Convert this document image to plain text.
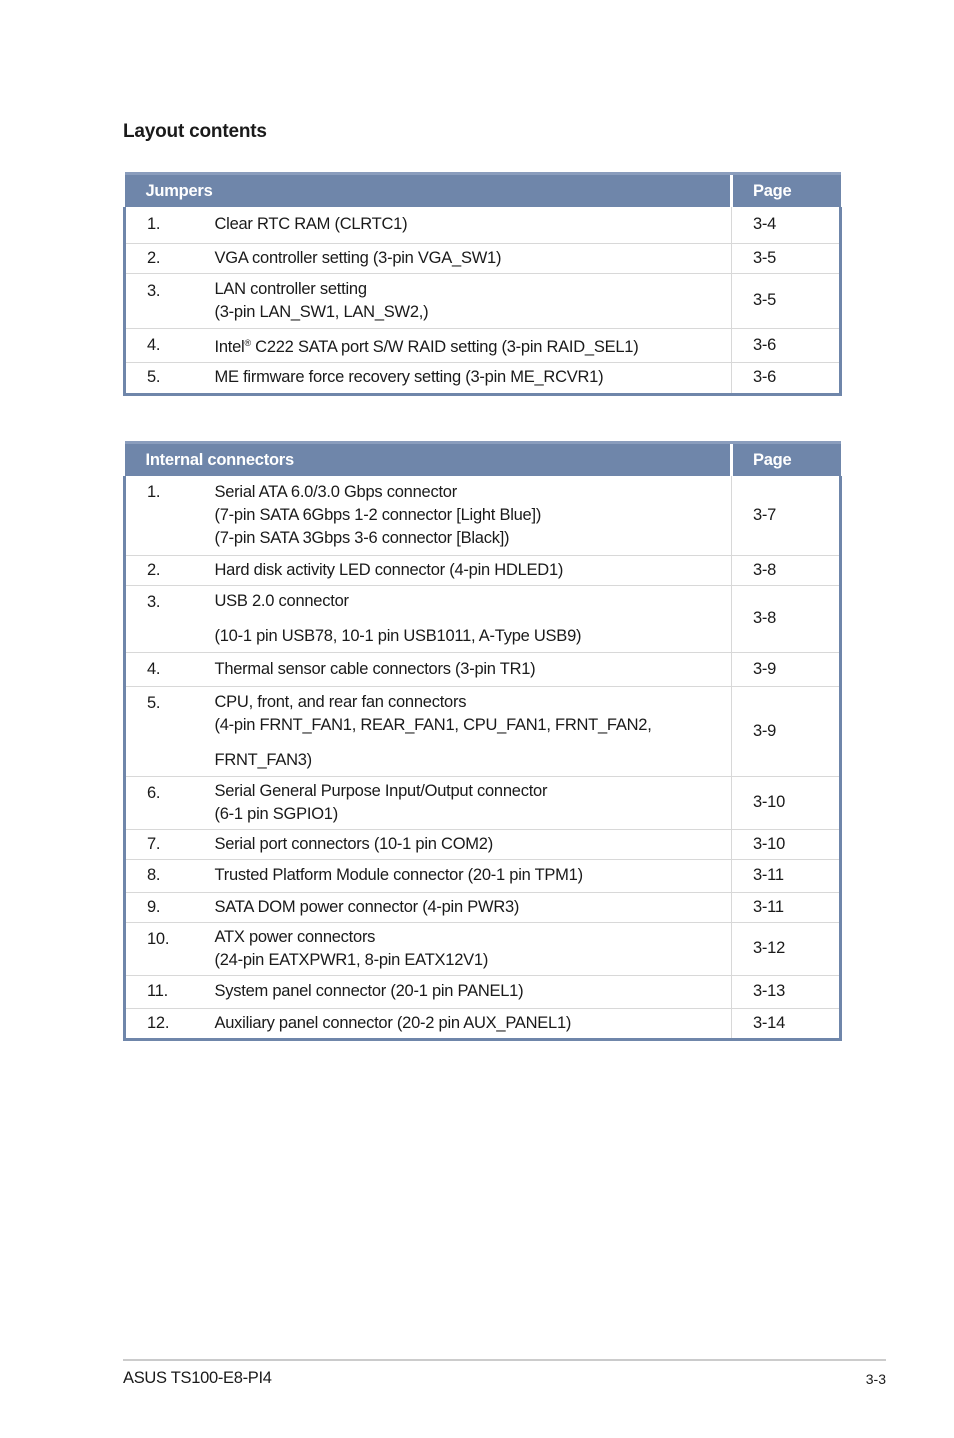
Layout contents
Jumpers		Page
1.	Clear RTC RAM (CLRTC1)	3-4
2.	VGA controller setting (3-pin VGA_SW1)	3-5
3.	LAN controller setting
(3-pin LAN_SW1, LAN_SW2,)	3-5
4.	Intel® C222 SATA port S/W RAID setting (3-pin RAID_SEL1)	3-6
5.	ME firmware force recovery setting (3-pin ME_RCVR1)	3-6
Internal connectors		Page
1.	Serial ATA 6.0/3.0 Gbps connector
(7-pin SATA 6Gbps 1-2 connector [Light Blue])
(7-pin SATA 3Gbps 3-6 connector [Black])	3-7
2.	Hard disk activity LED connector (4-pin HDLED1)	3-8
3.	USB 2.0 connector
(10-1 pin USB78, 10-1 pin USB1011, A-Type USB9)	3-8
4.	Thermal sensor cable connectors (3-pin TR1)	3-9
5.	CPU, front, and rear fan connectors
(4-pin FRNT_FAN1, REAR_FAN1, CPU_FAN1, FRNT_FAN2,
FRNT_FAN3)	3-9
6.	Serial General Purpose Input/Output connector
(6-1 pin SGPIO1)	3-10
7.	Serial port connectors (10-1 pin COM2)	3-10
8.	Trusted Platform Module connector (20-1 pin TPM1)	3-11
9.	SATA DOM power connector (4-pin PWR3)	3-11
10.	ATX power connectors
(24-pin EATXPWR1, 8-pin EATX12V1)	3-12
11.	System panel connector (20-1 pin PANEL1)	3-13
12.	Auxiliary panel connector (20-2 pin AUX_PANEL1)	3-14
ASUS TS100-E8-PI4	3-3
